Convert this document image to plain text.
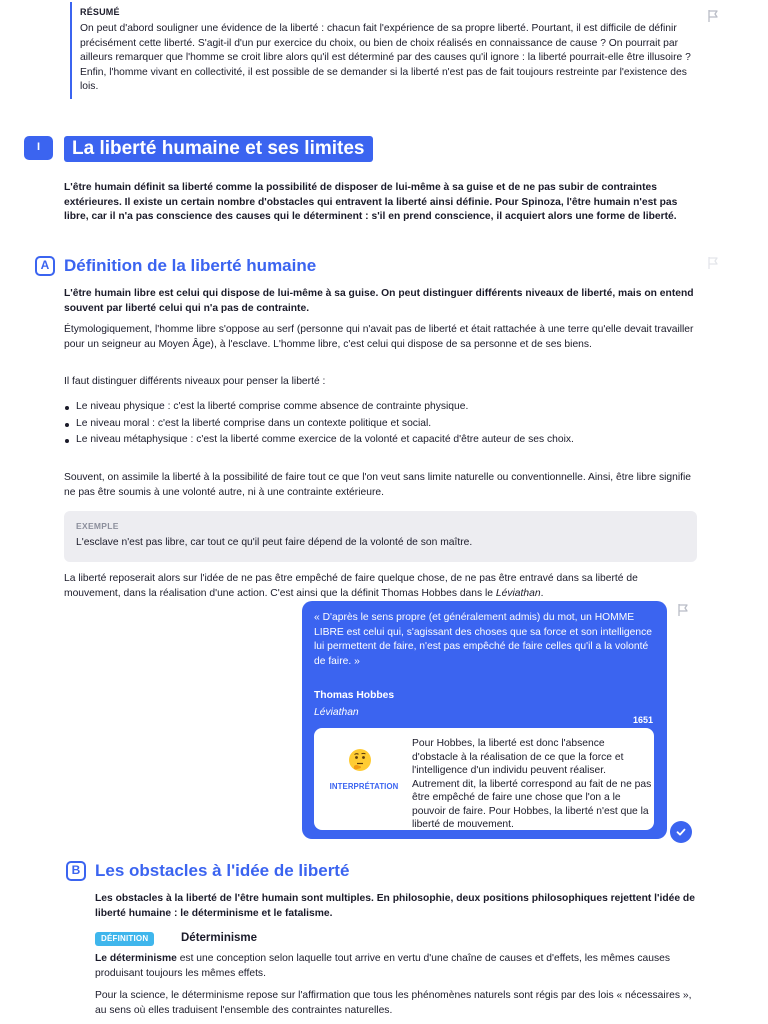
RÉSUMÉ
On peut d'abord souligner une évidence de la liberté : chacun fait l'expérience de sa propre liberté. Pourtant, il est difficile de définir précisément cette liberté. S'agit-il d'un pur exercice du choix, ou bien de choix réalisés en connaissance de cause ? On pourrait par ailleurs remarquer que l'homme se croit libre alors qu'il est déterminé par des causes qu'il ignore : la liberté pourrait-elle être illusoire ? Enfin, l'homme vivant en collectivité, il est possible de se demander si la liberté n'est pas de fait toujours restreinte par l'existence des lois.
I	La liberté humaine et ses limites
L'être humain définit sa liberté comme la possibilité de disposer de lui-même à sa guise et de ne pas subir de contraintes extérieures. Il existe un certain nombre d'obstacles qui entravent la liberté ainsi définie. Pour Spinoza, l'être humain n'est pas libre, car il n'a pas conscience des causes qui le déterminent : s'il en prend conscience, il acquiert alors une forme de liberté.
A Définition de la liberté humaine
L'être humain libre est celui qui dispose de lui-même à sa guise. On peut distinguer différents niveaux de liberté, mais on entend souvent par liberté celui qui n'a pas de contrainte.
Étymologiquement, l'homme libre s'oppose au serf (personne qui n'avait pas de liberté et était rattachée à une terre qu'elle devait travailler pour un seigneur au Moyen Âge), à l'esclave. L'homme libre, c'est celui qui dispose de sa personne et de ses biens.
Il faut distinguer différents niveaux pour penser la liberté :
Le niveau physique : c'est la liberté comprise comme absence de contrainte physique.
Le niveau moral : c'est la liberté comprise dans un contexte politique et social.
Le niveau métaphysique : c'est la liberté comme exercice de la volonté et capacité d'être auteur de ses choix.
Souvent, on assimile la liberté à la possibilité de faire tout ce que l'on veut sans limite naturelle ou conventionnelle. Ainsi, être libre signifie ne pas être soumis à une volonté autre, ni à une contrainte extérieure.
EXEMPLE
L'esclave n'est pas libre, car tout ce qu'il peut faire dépend de la volonté de son maître.
La liberté reposerait alors sur l'idée de ne pas être empêché de faire quelque chose, de ne pas être entravé dans sa liberté de mouvement, dans la réalisation d'une action. C'est ainsi que la définit Thomas Hobbes dans le Léviathan.
« D'après le sens propre (et généralement admis) du mot, un HOMME LIBRE est celui qui, s'agissant des choses que sa force et son intelligence lui permettent de faire, n'est pas empêché de faire celles qu'il a la volonté de faire. »
Thomas Hobbes
Léviathan
1651
INTERPRÉTATION
Pour Hobbes, la liberté est donc l'absence d'obstacle à la réalisation de ce que la force et l'intelligence d'un individu peuvent réaliser. Autrement dit, la liberté correspond au fait de ne pas être empêché de faire une chose que l'on a le pouvoir de faire. Pour Hobbes, la liberté n'est que la liberté de mouvement.
B Les obstacles à l'idée de liberté
Les obstacles à la liberté de l'être humain sont multiples. En philosophie, deux positions philosophiques rejettent l'idée de liberté humaine : le déterminisme et le fatalisme.
DÉFINITION	Déterminisme
Le déterminisme est une conception selon laquelle tout arrive en vertu d'une chaîne de causes et d'effets, les mêmes causes produisant toujours les mêmes effets.
Pour la science, le déterminisme repose sur l'affirmation que tous les phénomènes naturels sont régis par des lois « nécessaires », au sens où elles traduisent l'ensemble des contraintes naturelles.
